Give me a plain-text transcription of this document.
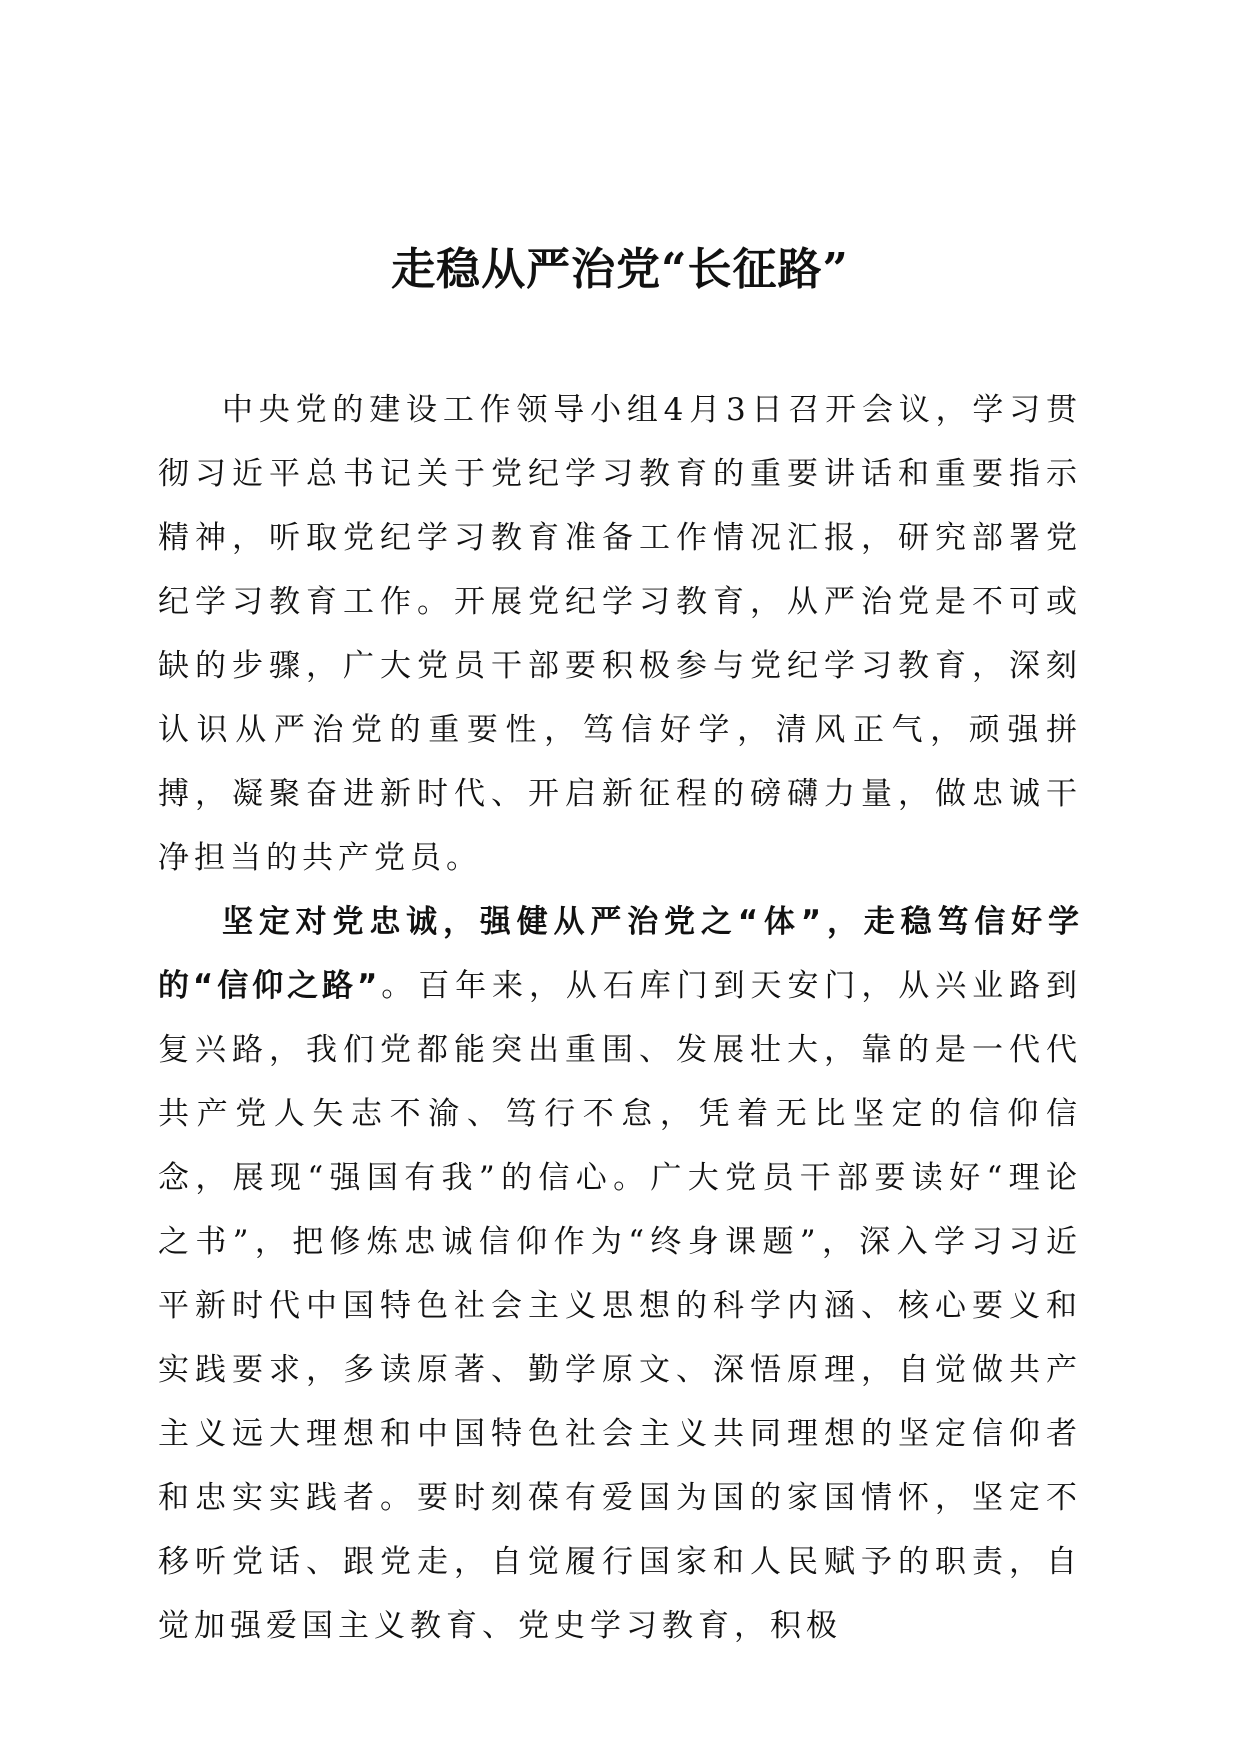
走稳从严治党“长征路”

中央党的建设工作领导小组4月3日召开会议，学习贯彻习近平总书记关于党纪学习教育的重要讲话和重要指示精神，听取党纪学习教育准备工作情况汇报，研究部署党纪学习教育工作。开展党纪学习教育，从严治党是不可或缺的步骤，广大党员干部要积极参与党纪学习教育，深刻认识从严治党的重要性，笃信好学，清风正气，顽强拼搏，凝聚奋进新时代、开启新征程的磅礴力量，做忠诚干净担当的共产党员。

坚定对党忠诚，强健从严治党之“体”，走稳笃信好学的“信仰之路”。百年来，从石库门到天安门，从兴业路到复兴路，我们党都能突出重围、发展壮大，靠的是一代代共产党人矢志不渝、笃行不怠，凭着无比坚定的信仰信念，展现“强国有我”的信心。广大党员干部要读好“理论之书”，把修炼忠诚信仰作为“终身课题”，深入学习习近平新时代中国特色社会主义思想的科学内涵、核心要义和实践要求，多读原著、勤学原文、深悟原理，自觉做共产主义远大理想和中国特色社会主义共同理想的坚定信仰者和忠实实践者。要时刻葆有爱国为国的家国情怀，坚定不移听党话、跟党走，自觉履行国家和人民赋予的职责，自觉加强爱国主义教育、党史学习教育，积极
